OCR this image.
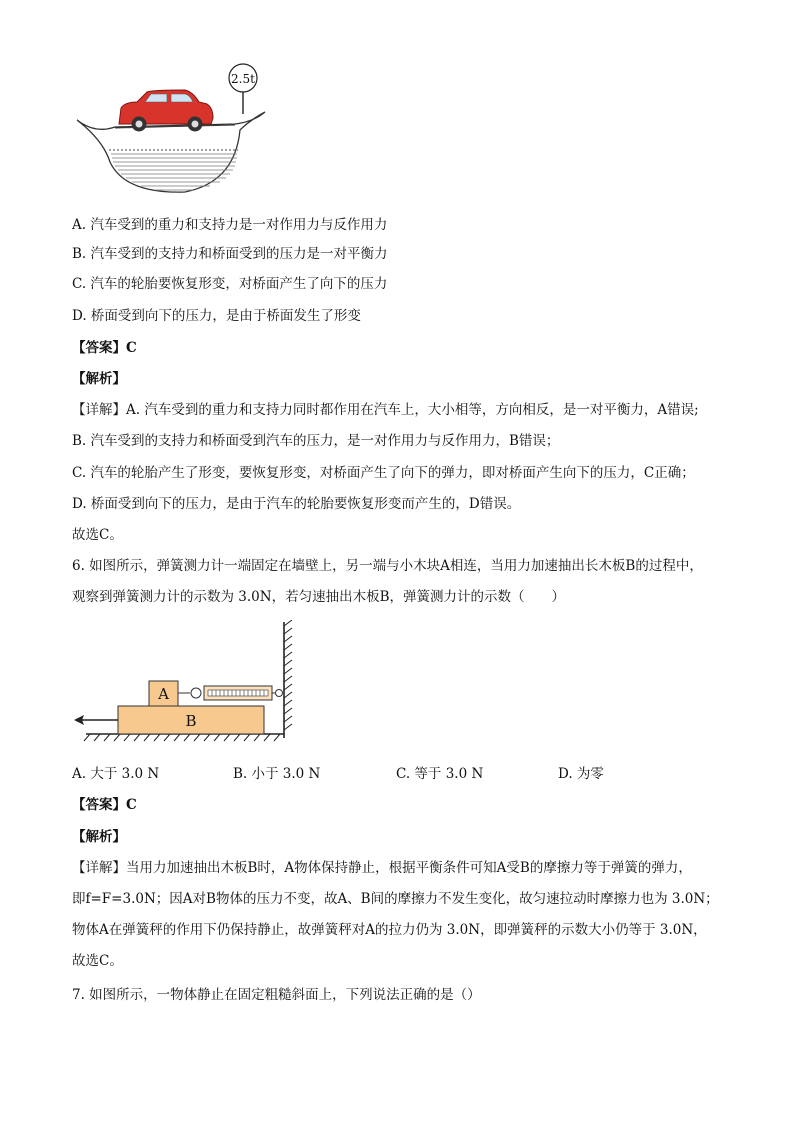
2.5t
A. 汽车受到的重力和支持力是一对作用力与反作用力
B. 汽车受到的支持力和桥面受到的压力是一对平衡力
C. 汽车的轮胎要恢复形变，对桥面产生了向下的压力
D. 桥面受到向下的压力，是由于桥面发生了形变
【答案】C
【解析】
【详解】A. 汽车受到的重力和支持力同时都作用在汽车上，大小相等，方向相反，是一对平衡力，A错误;
B. 汽车受到的支持力和桥面受到汽车的压力，是一对作用力与反作用力，B错误；
C. 汽车的轮胎产生了形变，要恢复形变，对桥面产生了向下的弹力，即对桥面产生向下的压力，C正确；
D. 桥面受到向下的压力，是由于汽车的轮胎要恢复形变而产生的，D错误。
故选C。
6. 如图所示，弹簧测力计一端固定在墙壁上，另一端与小木块A相连，当用力加速抽出长木板B的过程中，
观察到弹簧测力计的示数为 3.0N，若匀速抽出木板B，弹簧测力计的示数（　　）
B
A
A. 大于 3.0 N	B. 小于 3.0 N	C. 等于 3.0 N	D. 为零
【答案】C
【解析】
【详解】当用力加速抽出木板B时，A物体保持静止，根据平衡条件可知A受B的摩擦力等于弹簧的弹力，
即f=F=3.0N；因A对B物体的压力不变，故A、B间的摩擦力不发生变化，故匀速拉动时摩擦力也为 3.0N；
物体A在弹簧秤的作用下仍保持静止，故弹簧秤对A的拉力仍为 3.0N，即弹簧秤的示数大小仍等于 3.0N，
故选C。
7. 如图所示，一物体静止在固定粗糙斜面上，下列说法正确的是（）
